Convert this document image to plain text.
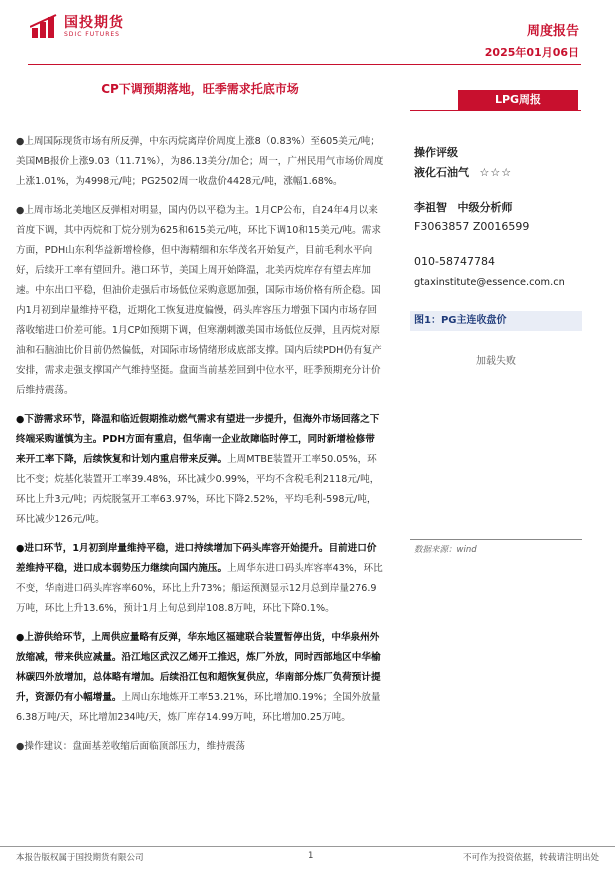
国投期货
SDIC FUTURES	周度报告
2025年01月06日
CP下调预期落地，旺季需求托底市场
LPG周报

●上周国际现货市场有所反弹，中东丙烷离岸价周度上涨8（0.83%）至605美元/吨；美国MB报价上涨9.03（11.71%），为86.13美分/加仑；周一，广州民用气市场价周度上涨1.01%，为4998元/吨；PG2502周一收盘价4428元/吨，涨幅1.68%。

●上周市场北美地区反弹相对明显，国内仍以平稳为主。1月CP公布，自24年4月以来首度下调，其中丙烷和丁烷分别为625和615美元/吨，环比下调10和15美元/吨。需求方面，PDH山东利华益新增检修，但中海精细和东华茂名开始复产，目前毛利水平向好，后续开工率有望回升。港口环节，美国上周开始降温，北美丙烷库存有望去库加速。中东出口平稳，但油价走强后市场低位采购意愿加强，国际市场价格有所企稳。国内1月初到岸量维持平稳，近期化工恢复进度偏慢，码头库容压力增强下国内市场存回落收缩进口价差可能。1月CP如预期下调，但寒潮刺激美国市场低位反弹，且丙烷对原油和石脑油比价目前仍然偏低，对国际市场情绪形成底部支撑。国内后续PDH仍有复产安排，需求走强支撑国产气维持坚挺。盘面当前基差回到中位水平，旺季预期充分计价后维持震荡。

●下游需求环节，降温和临近假期推动燃气需求有望进一步提升，但海外市场回落之下终端采购谨慎为主。PDH方面有重启，但华南一企业故障临时停工，同时新增检修带来开工率下降，后续恢复和计划内重启带来反弹。上周MTBE装置开工率50.05%，环比不变；烷基化装置开工率39.48%，环比减少0.99%，平均不含税毛利2118元/吨，环比上升3元/吨；丙烷脱氢开工率63.97%，环比下降2.52%，平均毛利-598元/吨，环比减少126元/吨。

●进口环节，1月初到岸量维持平稳，进口持续增加下码头库容开始提升。目前进口价差维持平稳，进口成本弱势压力继续向国内施压。上周华东进口码头库容率43%，环比不变，华南进口码头库容率60%，环比上升73%；船运预测显示12月总到岸量276.9万吨，环比上升13.6%，预计1月上旬总到岸108.8万吨，环比下降0.1%。

●上游供给环节，上周供应量略有反弹，华东地区福建联合装置暂停出货，中华泉州外放缩减，带来供应减量。沿江地区武汉乙烯开工推迟，炼厂外放，同时西部地区中华榆林碳四外放增加，总体略有增加。后续沿江包和超恢复供应，华南部分炼厂负荷预计提升，资源仍有小幅增量。上周山东地炼开工率53.21%，环比增加0.19%；全国外放量6.38万吨/天，环比增加234吨/天，炼厂库存14.99万吨，环比增加0.25万吨。

●操作建议：盘面基差收缩后面临顶部压力，维持震荡

操作评级
液化石油气 ☆☆☆
李祖智 中级分析师
F3063857 Z0016599
010-58747784
gtaxinstitute@essence.com.cn
图1：PG主连收盘价
加载失败
数据来源：wind
本报告版权属于国投期货有限公司	1	不可作为投资依据，转载请注明出处
